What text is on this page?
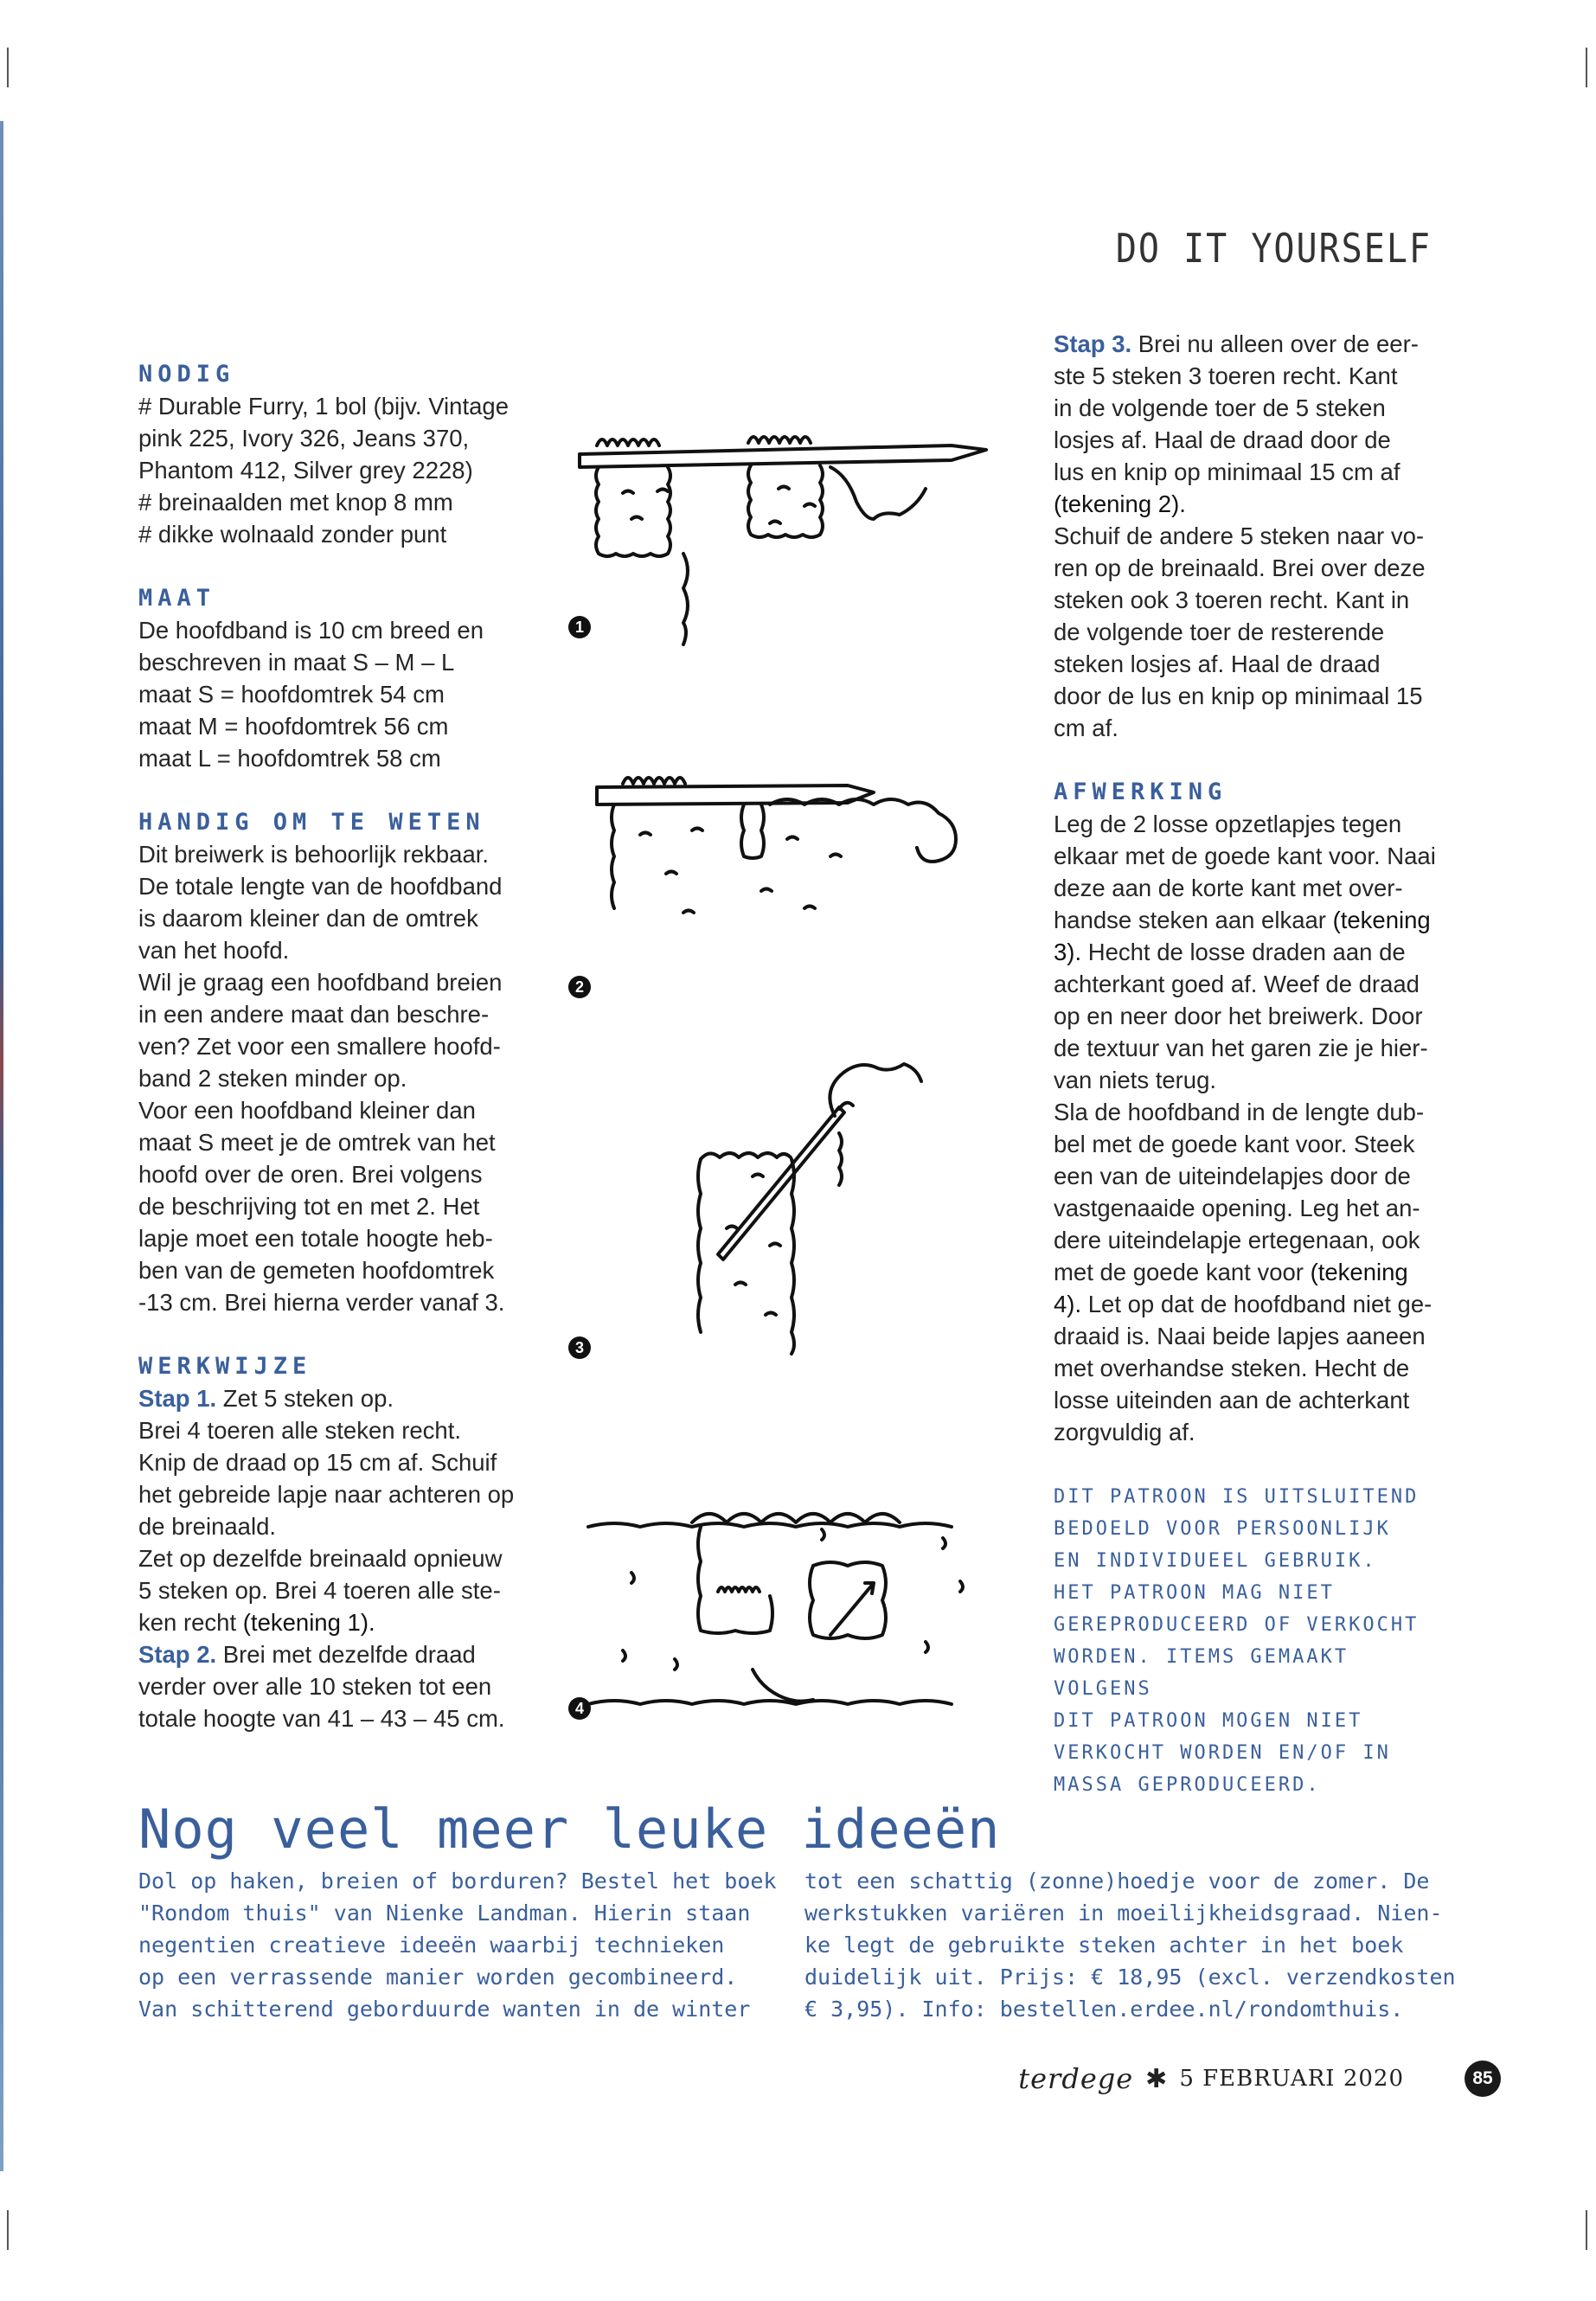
DO IT YOURSELF

NODIG

# Durable Furry, 1 bol (bijv. Vintage

pink 225, Ivory 326, Jeans 370,

Phantom 412, Silver grey 2228)

# breinaalden met knop 8 mm

# dikke wolnaald zonder punt

MAAT

De hoofdband is 10 cm breed en

beschreven in maat S – M – L

maat S = hoofdomtrek 54 cm

maat M = hoofdomtrek 56 cm

maat L = hoofdomtrek 58 cm

HANDIG OM TE WETEN

Dit breiwerk is behoorlijk rekbaar.

De totale lengte van de hoofdband

is daarom kleiner dan de omtrek

van het hoofd.

Wil je graag een hoofdband breien

in een andere maat dan beschre-

ven? Zet voor een smallere hoofd-

band 2 steken minder op.

Voor een hoofdband kleiner dan

maat S meet je de omtrek van het

hoofd over de oren. Brei volgens

de beschrijving tot en met 2. Het

lapje moet een totale hoogte heb-

ben van de gemeten hoofdomtrek

-13 cm. Brei hierna verder vanaf 3.

WERKWIJZE

Stap 1. Zet 5 steken op.

Brei 4 toeren alle steken recht.

Knip de draad op 15 cm af. Schuif

het gebreide lapje naar achteren op

de breinaald.

Zet op dezelfde breinaald opnieuw

5 steken op. Brei 4 toeren alle ste-

ken recht (tekening 1).

Stap 2. Brei met dezelfde draad

verder over alle 10 steken tot een

totale hoogte van 41 – 43 – 45 cm.

1
2
3
4

Stap 3. Brei nu alleen over de eer-

ste 5 steken 3 toeren recht. Kant

in de volgende toer de 5 steken

losjes af. Haal de draad door de

lus en knip op minimaal 15 cm af

(tekening 2).

Schuif de andere 5 steken naar vo-

ren op de breinaald. Brei over deze

steken ook 3 toeren recht. Kant in

de volgende toer de resterende

steken losjes af. Haal de draad

door de lus en knip op minimaal 15

cm af.

AFWERKING

Leg de 2 losse opzetlapjes tegen

elkaar met de goede kant voor. Naai

deze aan de korte kant met over-

handse steken aan elkaar (tekening

3). Hecht de losse draden aan de

achterkant goed af. Weef de draad

op en neer door het breiwerk. Door

de textuur van het garen zie je hier-

van niets terug.

Sla de hoofdband in de lengte dub-

bel met de goede kant voor. Steek

een van de uiteindelapjes door de

vastgenaaide opening. Leg het an-

dere uiteindelapje ertegenaan, ook

met de goede kant voor (tekening

4). Let op dat de hoofdband niet ge-

draaid is. Naai beide lapjes aaneen

met overhandse steken. Hecht de

losse uiteinden aan de achterkant

zorgvuldig af.

DIT PATROON IS UITSLUITEND
BEDOELD VOOR PERSOONLIJK
EN INDIVIDUEEL GEBRUIK.
HET PATROON MAG NIET
GEREPRODUCEERD OF VERKOCHT
WORDEN. ITEMS GEMAAKT VOLGENS
DIT PATROON MOGEN NIET
VERKOCHT WORDEN EN/OF IN
MASSA GEPRODUCEERD.
Nog veel meer leuke ideeën
Dol op haken, breien of borduren? Bestel het boek
"Rondom thuis" van Nienke Landman. Hierin staan
negentien creatieve ideeën waarbij technieken
op een verrassende manier worden gecombineerd.
Van schitterend geborduurde wanten in de winter
tot een schattig (zonne)hoedje voor de zomer. De
werkstukken variëren in moeilijkheidsgraad. Nien-
ke legt de gebruikte steken achter in het boek
duidelijk uit. Prijs: € 18,95 (excl. verzendkosten
€ 3,95). Info: bestellen.erdee.nl/rondomthuis.
terdege ✱ 5 FEBRUARI 2020	85
